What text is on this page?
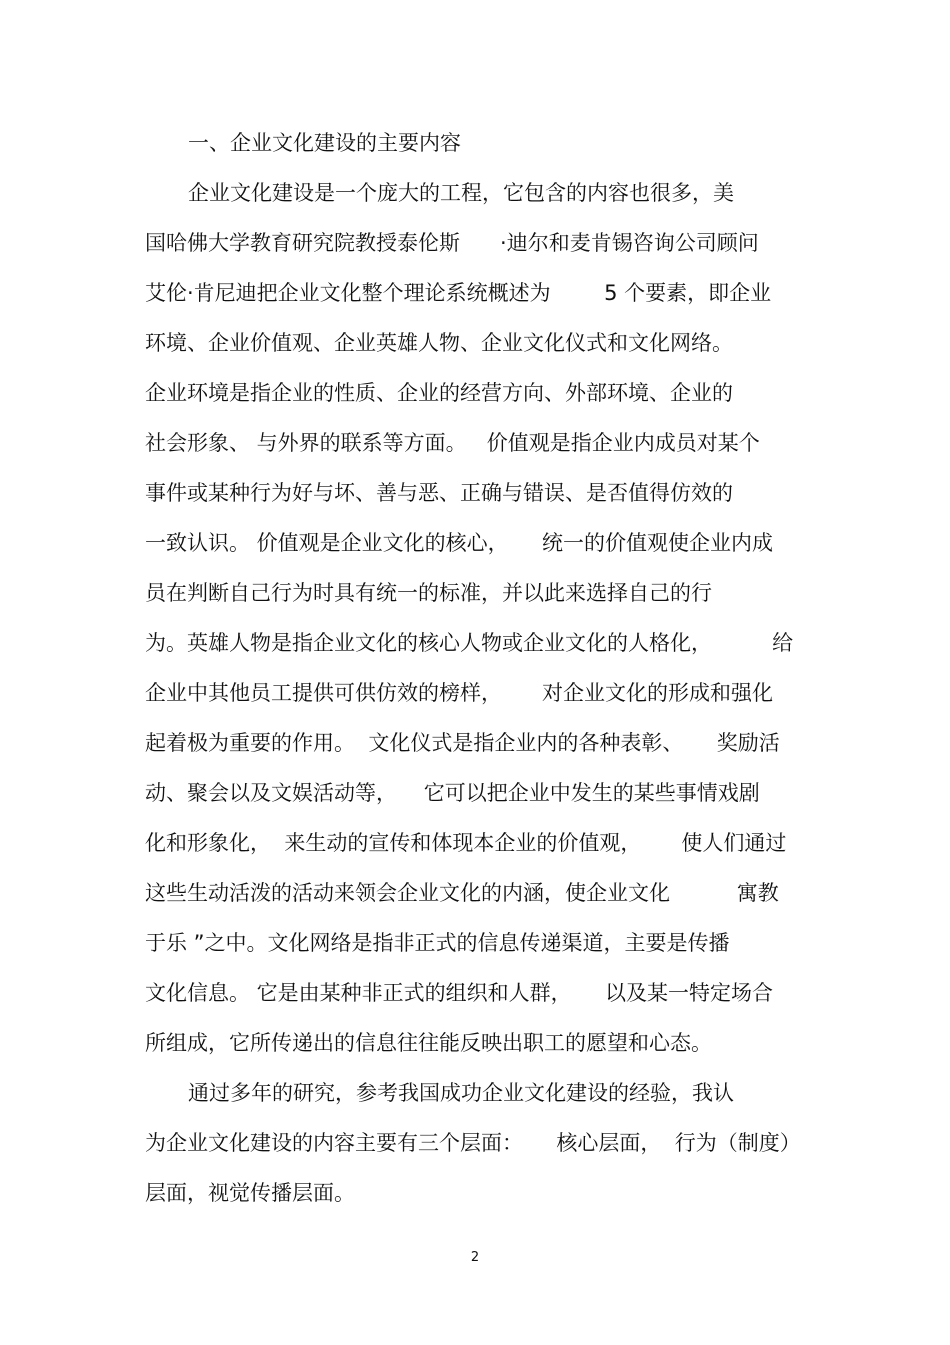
一、企业文化建设的主要内容
企业文化建设是一个庞大的工程，它包含的内容也很多，美
国哈佛大学教育研究院教授泰伦斯      ·迪尔和麦肯锡咨询公司顾问
艾伦·肯尼迪把企业文化整个理论系统概述为        5 个要素，即企业
环境、企业价值观、企业英雄人物、企业文化仪式和文化网络。
企业环境是指企业的性质、企业的经营方向、外部环境、企业的
社会形象、 与外界的联系等方面。   价值观是指企业内成员对某个
事件或某种行为好与坏、善与恶、正确与错误、是否值得仿效的
一致认识。 价值观是企业文化的核心，     统一的价值观使企业内成
员在判断自己行为时具有统一的标准，并以此来选择自己的行
为。英雄人物是指企业文化的核心人物或企业文化的人格化，         给
企业中其他员工提供可供仿效的榜样，      对企业文化的形成和强化
起着极为重要的作用。  文化仪式是指企业内的各种表彰、     奖励活
动、聚会以及文娱活动等，    它可以把企业中发生的某些事情戏剧
化和形象化，  来生动的宣传和体现本企业的价值观，      使人们通过
这些生动活泼的活动来领会企业文化的内涵，使企业文化          寓教
于乐 ”之中。文化网络是指非正式的信息传递渠道，主要是传播
文化信息。 它是由某种非正式的组织和人群，     以及某一特定场合
所组成，它所传递出的信息往往能反映出职工的愿望和心态。
通过多年的研究，参考我国成功企业文化建设的经验，我认
为企业文化建设的内容主要有三个层面：     核心层面，  行为（制度）
层面，视觉传播层面。
2
